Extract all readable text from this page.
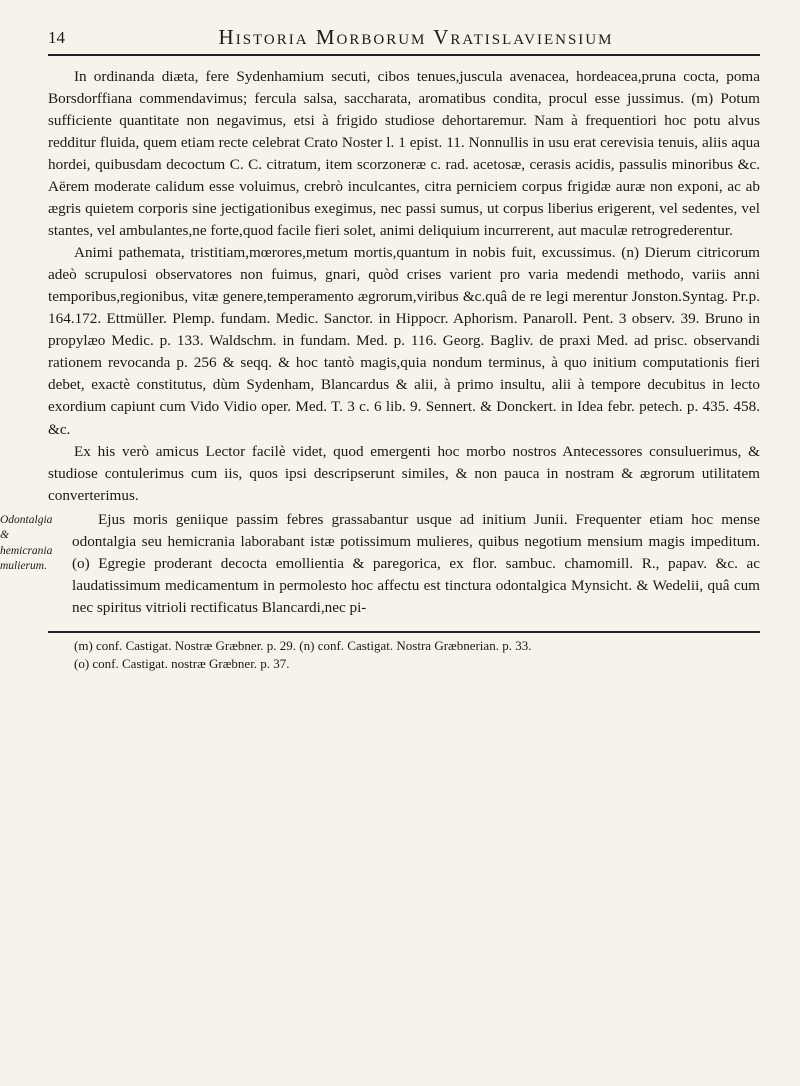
14	Historia Morborum Vratislaviensium

In ordinanda diæta, fere Sydenhamium secuti, cibos tenues,jusculа avenacea, hordeacea,pruna cocta, poma Borsdorffiana commendavimus; fercula salsa, saccharata, aromatibus condita, procul esse jussimus. (m) Potum sufficiente quantitate non negavimus, etsi à frigido studiose dehortaremur. Nam à frequentiori hoc potu alvus redditur fluida, quem etiam recte celebrat Crato Noster l. 1 epist. 11. Nonnullis in usu erat cerevisia tenuis, aliis aqua hordei, quibusdam decoctum C. C. citratum, item scorzoneræ c. rad. acetosæ, cerasis acidis, passulis minoribus &c. Aërem moderate calidum esse voluimus, crebrò inculcantes, citra perniciem corpus frigidæ auræ non exponi, ac ab ægris quietem corporis sine jectigationibus exegimus, nec passi sumus, ut corpus liberius erigerent, vel sedentes, vel stantes, vel ambulantes,ne forte,quod facile fieri solet, animi deliquium incurrerent, aut maculæ retrogrederentur.

Animi pathemata, tristitiam,mœrores,metum mortis,quantum in nobis fuit, excussimus. (n) Dierum citricorum adeò scrupulosi observatores non fuimus, gnari, quòd crises varient pro varia medendi methodo, variis anni temporibus,regionibus, vitæ genere,temperamento ægrorum,viribus &c.quâ de re legi merentur Jonston.Syntag. Pr.p. 164.172. Ettmüller. Plemp. fundam. Medic. Sanctor. in Hippocr. Aphorism. Panaroll. Pent. 3 observ. 39. Bruno in propylæo Medic. p. 133. Waldschm. in fundam. Med. p. 116. Georg. Bagliv. de praxi Med. ad prisc. observandi rationem revocanda p. 256 & seqq. & hoc tantò magis,quia nondum terminus, à quo initium computationis fieri debet, exactè constitutus, dùm Sydenham, Blancardus & alii, à primo insultu, alii à tempore decubitus in lecto exordium capiunt cum Vido Vidio oper. Med. T. 3 c. 6 lib. 9. Sennert. & Donckert. in Idea febr. petech. p. 435. 458. &c.

Ex his verò amicus Lector facilè videt, quod emergenti hoc morbo nostros Antecessores consuluerimus, & studiose contulerimus cum iis, quos ipsi descripserunt similes, & non pauca in nostram & ægrorum utilitatem converterimus.

Odontalgia & hemicrania mulierum.

Ejus moris geniique passim febres grassabantur usque ad initium Junii. Frequenter etiam hoc mense odontalgia seu hemicrania laborabant istæ potissimum mulieres, quibus negotium mensium magis impeditum. (o) Egregie proderant decocta emollientia & paregorica, ex flor. sambuc. chamomill. R., papav. &c. ac laudatissimum medicamentum in permolesto hoc affectu est tinctura odontalgica Mynsicht. & Wedelii, quâ cum nec spiritus vitrioli rectificatus Blancardi,nec pi-

(m) conf. Castigat. Nostræ Græbner. p. 29. (n) conf. Castigat. Nostra Græbnerian. p. 33.

(o) conf. Castigat. nostræ Græbner. p. 37.
